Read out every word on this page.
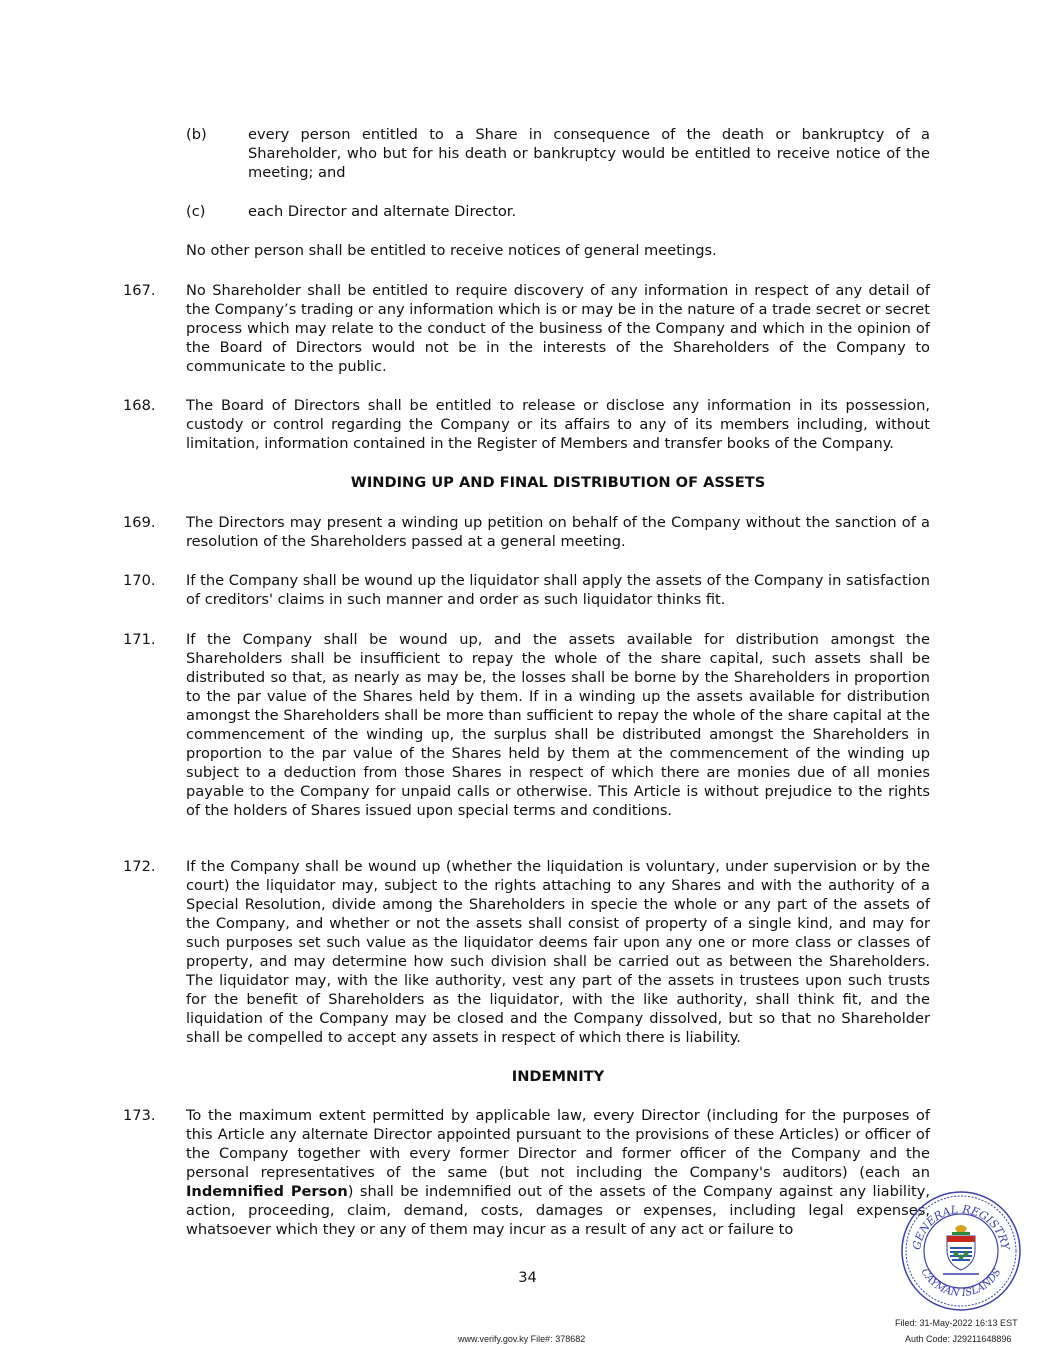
(b)	every person entitled to a Share in consequence of the death or bankruptcy of a Shareholder, who but for his death or bankruptcy would be entitled to receive notice of the meeting; and
(c)	each Director and alternate Director.
No other person shall be entitled to receive notices of general meetings.
167. No Shareholder shall be entitled to require discovery of any information in respect of any detail of the Company’s trading or any information which is or may be in the nature of a trade secret or secret process which may relate to the conduct of the business of the Company and which in the opinion of the Board of Directors would not be in the interests of the Shareholders of the Company to communicate to the public.
168. The Board of Directors shall be entitled to release or disclose any information in its possession, custody or control regarding the Company or its affairs to any of its members including, without limitation, information contained in the Register of Members and transfer books of the Company.
WINDING UP AND FINAL DISTRIBUTION OF ASSETS
169. The Directors may present a winding up petition on behalf of the Company without the sanction of a resolution of the Shareholders passed at a general meeting.
170. If the Company shall be wound up the liquidator shall apply the assets of the Company in satisfaction of creditors' claims in such manner and order as such liquidator thinks fit.
171. If the Company shall be wound up, and the assets available for distribution amongst the Shareholders shall be insufficient to repay the whole of the share capital, such assets shall be distributed so that, as nearly as may be, the losses shall be borne by the Shareholders in proportion to the par value of the Shares held by them. If in a winding up the assets available for distribution amongst the Shareholders shall be more than sufficient to repay the whole of the share capital at the commencement of the winding up, the surplus shall be distributed amongst the Shareholders in proportion to the par value of the Shares held by them at the commencement of the winding up subject to a deduction from those Shares in respect of which there are monies due of all monies payable to the Company for unpaid calls or otherwise. This Article is without prejudice to the rights of the holders of Shares issued upon special terms and conditions.
172. If the Company shall be wound up (whether the liquidation is voluntary, under supervision or by the court) the liquidator may, subject to the rights attaching to any Shares and with the authority of a Special Resolution, divide among the Shareholders in specie the whole or any part of the assets of the Company, and whether or not the assets shall consist of property of a single kind, and may for such purposes set such value as the liquidator deems fair upon any one or more class or classes of property, and may determine how such division shall be carried out as between the Shareholders. The liquidator may, with the like authority, vest any part of the assets in trustees upon such trusts for the benefit of Shareholders as the liquidator, with the like authority, shall think fit, and the liquidation of the Company may be closed and the Company dissolved, but so that no Shareholder shall be compelled to accept any assets in respect of which there is liability.
INDEMNITY
173. To the maximum extent permitted by applicable law, every Director (including for the purposes of this Article any alternate Director appointed pursuant to the provisions of these Articles) or officer of the Company together with every former Director and former officer of the Company and the personal representatives of the same (but not including the Company's auditors) (each an Indemnified Person) shall be indemnified out of the assets of the Company against any liability, action, proceeding, claim, demand, costs, damages or expenses, including legal expenses, whatsoever which they or any of them may incur as a result of any act or failure to
34
GENERAL REGISTRY
CAYMAN ISLANDS
Filed: 31-May-2022 16:13 EST
www.verify.gov.ky File#: 378682	Auth Code: J29211648896
